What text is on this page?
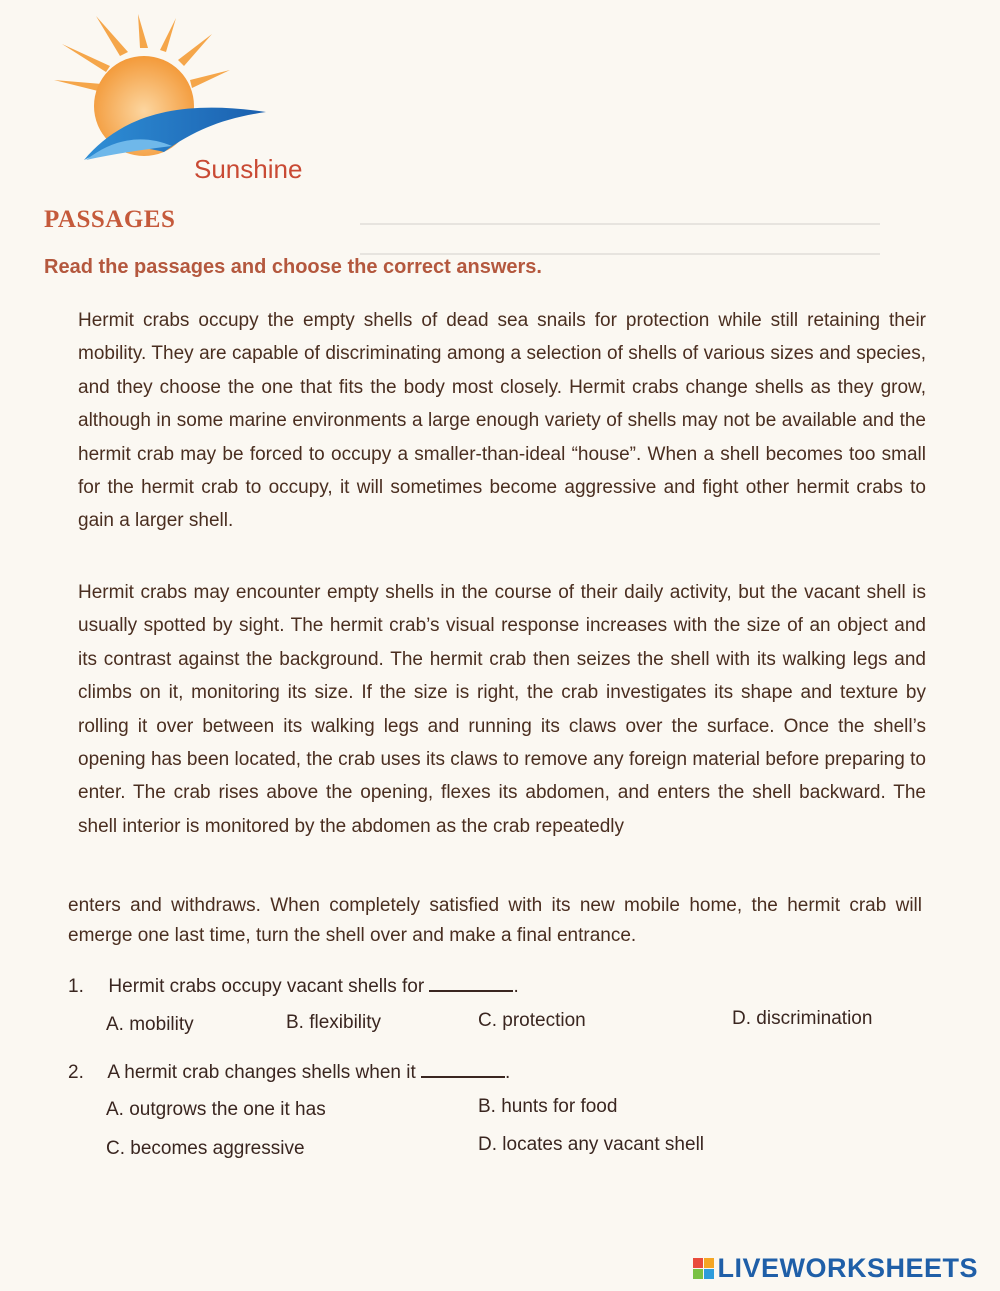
Sunshine
PASSAGES
Read the passages and choose the correct answers.

Hermit crabs occupy the empty shells of dead sea snails for protection while still retaining their mobility. They are capable of discriminating among a selection of shells of various sizes and species, and they choose the one that fits the body most closely. Hermit crabs change shells as they grow, although in some marine environments a large enough variety of shells may not be available and the hermit crab may be forced to occupy a smaller-than-ideal “house”. When a shell becomes too small for the hermit crab to occupy, it will sometimes become aggressive and fight other hermit crabs to gain a larger shell.

Hermit crabs may encounter empty shells in the course of their daily activity, but the vacant shell is usually spotted by sight. The hermit crab’s visual response increases with the size of an object and its contrast against the background. The hermit crab then seizes the shell with its walking legs and climbs on it, monitoring its size. If the size is right, the crab investigates its shape and texture by rolling it over between its walking legs and running its claws over the surface. Once the shell’s opening has been located, the crab uses its claws to remove any foreign material before preparing to enter. The crab rises above the opening, flexes its abdomen, and enters the shell backward. The shell interior is monitored by the abdomen as the crab repeatedly

enters and withdraws. When completely satisfied with its new mobile home, the hermit crab will emerge one last time, turn the shell over and make a final entrance.

1. Hermit crabs occupy vacant shells for	.
A. mobility	B. flexibility	C. protection	D. discrimination
2. A hermit crab changes shells when it	.
A. outgrows the one it has	B. hunts for food
C. becomes aggressive	D. locates any vacant shell
LIVEWORKSHEETS
